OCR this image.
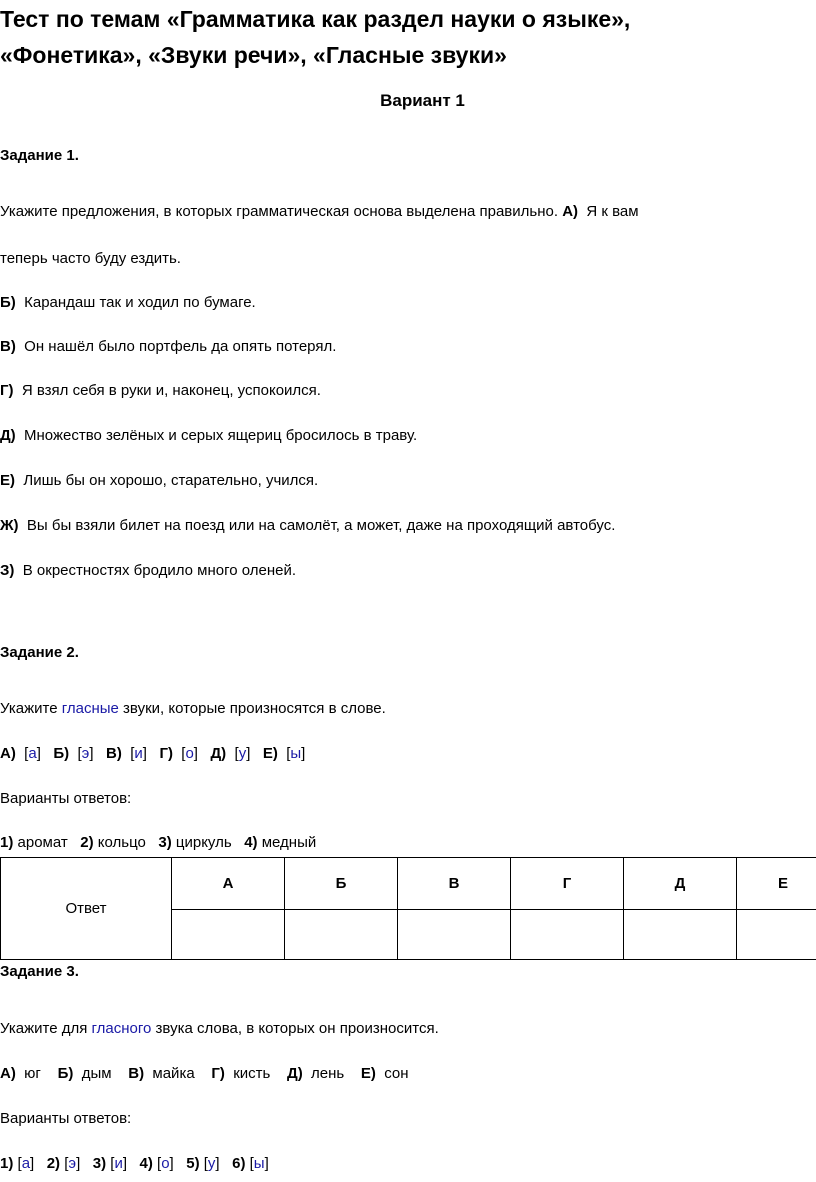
Тест по темам «Грамматика как раздел науки о языке»,
«Фонетика», «Звуки речи», «Гласные звуки»
Вариант 1
Задание 1.
Укажите предложения, в которых грамматическая основа выделена правильно. А) Я к вам
теперь часто буду ездить.
Б) Карандаш так и ходил по бумаге.
В) Он нашёл было портфель да опять потерял.
Г) Я взял себя в руки и, наконец, успокоился.
Д) Множество зелёных и серых ящериц бросилось в траву.
Е) Лишь бы он хорошо, старательно, учился.
Ж) Вы бы взяли билет на поезд или на самолёт, а может, даже на проходящий автобус.
З) В окрестностях бродило много оленей.
Задание 2.
Укажите гласные звуки, которые произносятся в слове.
А) [а] Б) [э] В) [и] Г) [о] Д) [у] Е) [ы]
Варианты ответов:
1) аромат 2) кольцо 3) циркуль 4) медный
Ответ	А	Б	В	Г	Д	Е

Задание 3.
Укажите для гласного звука слова, в которых он произносится.
А) юг Б) дым В) майка Г) кисть Д) лень Е) сон
Варианты ответов:
1) [а] 2) [э] 3) [и] 4) [о] 5) [у] 6) [ы]
